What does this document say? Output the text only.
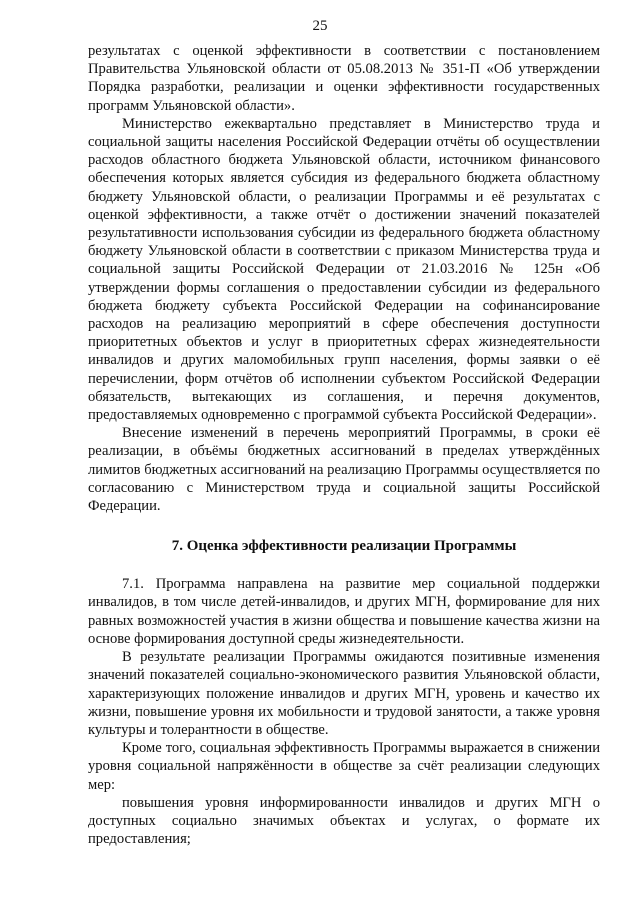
25

результатах с оценкой эффективности в соответствии с постановлением Правительства Ульяновской области от 05.08.2013 № 351-П «Об утверждении Порядка разработки, реализации и оценки эффективности государственных программ Ульяновской области».

Министерство ежеквартально представляет в Министерство труда и социальной защиты населения Российской Федерации отчёты об осуществлении расходов областного бюджета Ульяновской области, источником финансового обеспечения которых является субсидия из федерального бюджета областному бюджету Ульяновской области, о реализации Программы и её результатах с оценкой эффективности, а также отчёт о достижении значений показателей результативности использования субсидии из федерального бюджета областному бюджету Ульяновской области в соответствии с приказом Министерства труда и социальной защиты Российской Федерации от 21.03.2016 № 125н «Об утверждении формы соглашения о предоставлении субсидии из федерального бюджета бюджету субъекта Российской Федерации на софинансирование расходов на реализацию мероприятий в сфере обеспечения доступности приоритетных объектов и услуг в приоритетных сферах жизнедеятельности инвалидов и других маломобильных групп населения, формы заявки о её перечислении, форм отчётов об исполнении субъектом Российской Федерации обязательств, вытекающих из соглашения, и перечня документов, предоставляемых одновременно с программой субъекта Российской Федерации».

Внесение изменений в перечень мероприятий Программы, в сроки её реализации, в объёмы бюджетных ассигнований в пределах утверждённых лимитов бюджетных ассигнований на реализацию Программы осуществляется по согласованию с Министерством труда и социальной защиты Российской Федерации.

7. Оценка эффективности реализации Программы

7.1. Программа направлена на развитие мер социальной поддержки инвалидов, в том числе детей-инвалидов, и других МГН, формирование для них равных возможностей участия в жизни общества и повышение качества жизни на основе формирования доступной среды жизнедеятельности.

В результате реализации Программы ожидаются позитивные изменения значений показателей социально-экономического развития Ульяновской области, характеризующих положение инвалидов и других МГН, уровень и качество их жизни, повышение уровня их мобильности и трудовой занятости, а также уровня культуры и толерантности в обществе.

Кроме того, социальная эффективность Программы выражается в снижении уровня социальной напряжённости в обществе за счёт реализации следующих мер:

повышения уровня информированности инвалидов и других МГН о доступных социально значимых объектах и услугах, о формате их предоставления;
